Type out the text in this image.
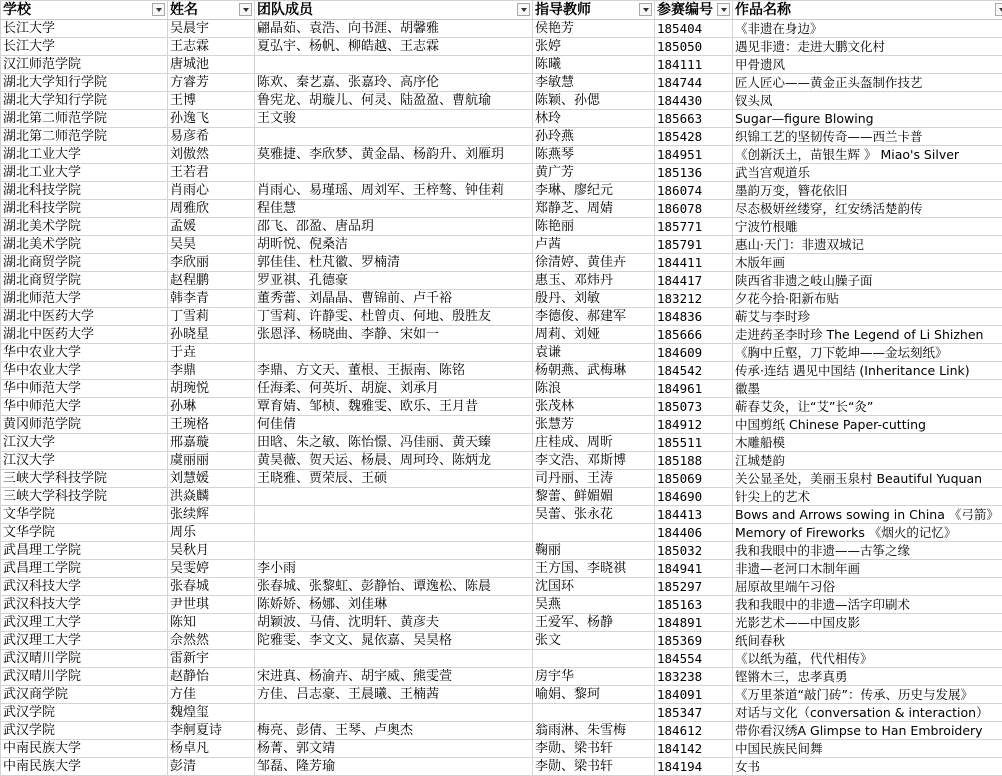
学校	姓名	团队成员	指导教师	参赛编号	作品名称

长江大学	吴晨宇	翩晶茹、袁浩、向书涯、胡馨雅	侯艳芳	185404	《非遗在身边》
长江大学	王志霖	夏弘宇、杨帆、柳皓越、王志霖	张婷	185050	遇见非遗：走进大鹏文化村
汉江师范学院	唐城池		陈曦	184111	甲骨遗风
湖北大学知行学院	方睿芳	陈欢、秦艺嘉、张嘉玲、高序伦	李敏慧	184744	匠人匠心——黄金正头盔制作技艺
湖北大学知行学院	王博	鲁宪龙、胡璇儿、何灵、陆盈盈、曹航瑜	陈颖、孙偲	184430	钗头凤
湖北第二师范学院	孙逸飞	王文骏	林玲	185663	Sugar—figure Blowing
湖北第二师范学院	易彦希		孙玲燕	185428	织锦工艺的坚韧传奇——西兰卡普
湖北工业大学	刘傲然	莫雅捷、李欣梦、黄金晶、杨韵升、刘雁玥	陈燕琴	184951	《创新沃土，苗银生辉 》 Miao's Silver
湖北工业大学	王若君		黄广芳	185136	武当宫观道乐
湖北科技学院	肖雨心	肖雨心、易瑾瑶、周刘军、王梓骜、钟佳莉	李琳、廖纪元	186074	墨韵万变，簪花依旧
湖北科技学院	周雅欣	程佳慧	郑静芝、周婧	186078	尽态极妍丝缕穿，红安绣活楚韵传
湖北美术学院	孟媛	邵飞、邵盈、唐品玥	陈艳丽	185771	宁波竹根雕
湖北美术学院	吴昊	胡昕悦、倪桑洁	卢茜	185791	惠山·天门：非遗双城记
湖北商贸学院	李欣丽	郭佳佳、杜芃徽、罗楠清	徐清婷、黄佳卉	184411	木版年画
湖北商贸学院	赵程鹏	罗亚祺、孔德豪	惠玉、邓炜丹	184417	陕西省非遗之岐山臊子面
湖北师范大学	韩李青	董秀蕾、刘晶晶、曹锦前、卢千裕	殷丹、刘敏	183212	夕花今拾·阳新布贴
湖北中医药大学	丁雪莉	丁雪莉、许静雯、杜曾贞、何地、殷胜友	李德俊、郝建军	184836	蕲艾与李时珍
湖北中医药大学	孙晓星	张恩泽、杨晓曲、李静、宋如一	周莉、刘娅	185666	走进药圣李时珍 The Legend of Li Shizhen
华中农业大学	于垚		袁谦	184609	《胸中丘壑，刀下乾坤——金坛刻纸》
华中农业大学	李鼎	李鼎、方文天、董根、王振南、陈铭	杨朝燕、武梅琳	184542	传承·连结 遇见中国结 (Inheritance Link)
华中师范大学	胡琬悦	任海柔、何英圻、胡旋、刘承月	陈浪	184961	徽墨
华中师范大学	孙琳	覃育婧、邹桢、魏雅雯、欧乐、王月昔	张茂林	185073	蕲春艾灸，让“艾”长“灸”
黄冈师范学院	王琬格	何佳倩	张慧芳	184912	中国剪纸 Chinese Paper-cutting
江汉大学	邢嘉璇	田晗、朱之敏、陈怡憬、冯佳丽、黄天臻	庄桂成、周昕	185511	木雕船模
江汉大学	虞丽丽	黄昊薇、贺天运、杨晨、周珂玲、陈炳龙	李文浩、邓斯博	185188	江城楚韵
三峡大学科技学院	刘慧媛	王晓雅、贾荣辰、王硕	司丹丽、王涛	185069	关公显圣处，美丽玉泉村 Beautiful Yuquan
三峡大学科技学院	洪焱麟		黎蕾、鲜媚媚	184690	针尖上的艺术
文华学院	张续辉		吴蕾、张永花	184413	Bows and Arrows sowing in China 《弓箭》
文华学院	周乐			184406	Memory of Fireworks 《烟火的记忆》
武昌理工学院	吴秋月		鞠丽	185032	我和我眼中的非遗——古筝之缘
武昌理工学院	吴雯婷	李小雨	王方国、李晓祺	184941	非遗—老河口木制年画
武汉科技大学	张春城	张春城、张黎虹、彭静怡、谭逸松、陈晨	沈国环	185297	屈原故里端午习俗
武汉科技大学	尹世琪	陈娇娇、杨娜、刘佳琳	吴燕	185163	我和我眼中的非遗—活字印刷术
武汉理工大学	陈知	胡颖波、马倩、沈明轩、黄彦夫	王爱军、杨静	184891	光影艺术——中国皮影
武汉理工大学	佘然然	陀雅雯、李文文、晁依嘉、吴昊格	张文	185369	纸间春秋
武汉晴川学院	雷新宇			184554	《以纸为蕴，代代相传》
武汉晴川学院	赵静怡	宋进真、杨渝卉、胡宇威、熊雯萱	房宇华	183238	铿锵木三，忠孝真勇
武汉商学院	方佳	方佳、吕志豪、王晨曦、王楠茜	喻娟、黎珂	184091	《万里茶道“敲门砖”：传承、历史与发展》
武汉学院	魏煌玺			185347	对话与文化（conversation & interaction）
武汉学院	李舸夏诗	梅亮、彭倩、王琴、卢奥杰	翁雨淋、朱雪梅	184612	带你看汉绣A Glimpse to Han Embroidery
中南民族大学	杨卓凡	杨菁、郭文靖	李勋、梁书轩	184142	中国民族民间舞
中南民族大学	彭清	邹磊、隆芳瑜	李勋、梁书轩	184194	女书
